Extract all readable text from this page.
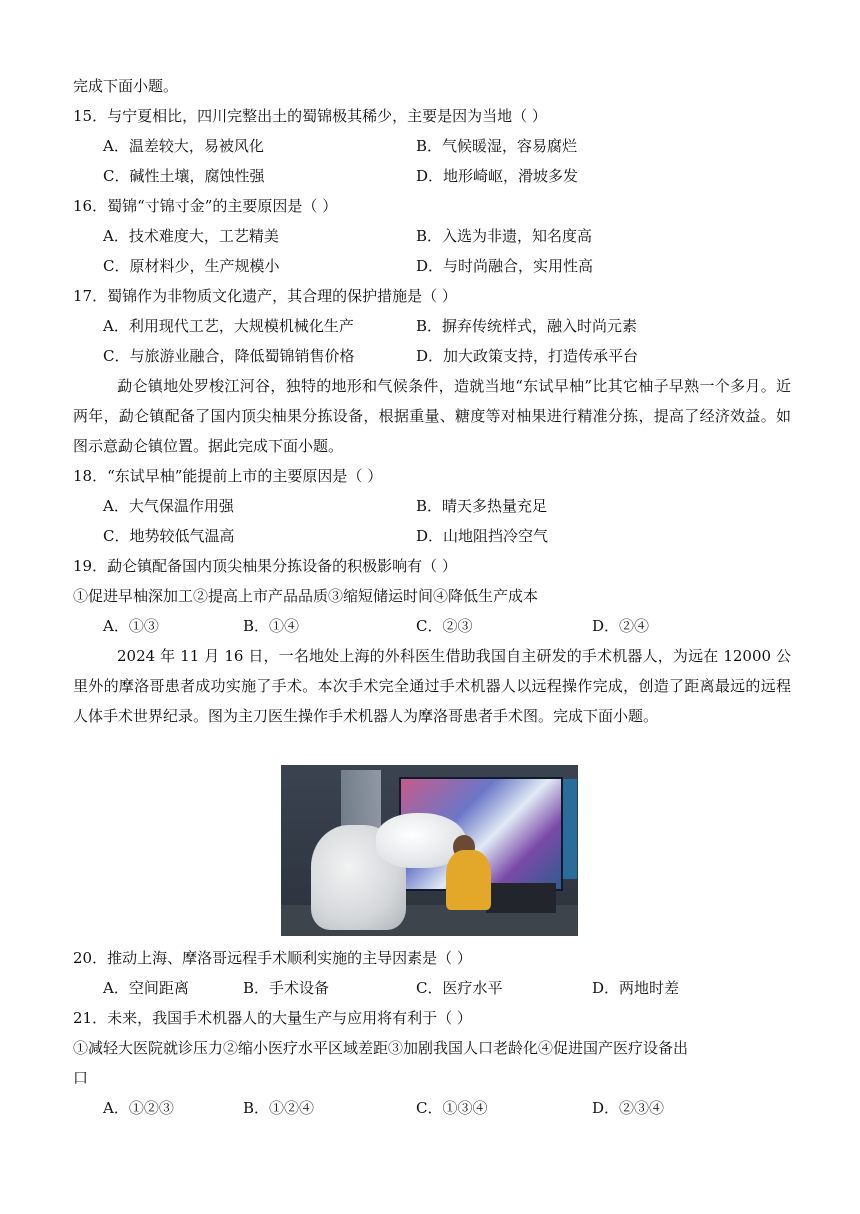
完成下面小题。
15．与宁夏相比，四川完整出土的蜀锦极其稀少，主要是因为当地（ ）
A．温差较大，易被风化	B．气候暖湿，容易腐烂
C．碱性土壤，腐蚀性强	D．地形崎岖，滑坡多发
16．蜀锦“寸锦寸金”的主要原因是（ ）
A．技术难度大，工艺精美	B．入选为非遗，知名度高
C．原材料少，生产规模小	D．与时尚融合，实用性高
17．蜀锦作为非物质文化遗产，其合理的保护措施是（ ）
A．利用现代工艺，大规模机械化生产	B．摒弃传统样式，融入时尚元素
C．与旅游业融合，降低蜀锦销售价格	D．加大政策支持，打造传承平台
勐仑镇地处罗梭江河谷，独特的地形和气候条件，造就当地“东试早柚”比其它柚子早熟一个多月。近两年，勐仑镇配备了国内顶尖柚果分拣设备，根据重量、糖度等对柚果进行精准分拣，提高了经济效益。如图示意勐仑镇位置。据此完成下面小题。
18．“东试早柚”能提前上市的主要原因是（ ）
A．大气保温作用强	B．晴天多热量充足
C．地势较低气温高	D．山地阻挡冷空气
19．勐仑镇配备国内顶尖柚果分拣设备的积极影响有（ ）
①促进早柚深加工②提高上市产品品质③缩短储运时间④降低生产成本
A．①③	B．①④	C．②③	D．②④
2024 年 11 月 16 日，一名地处上海的外科医生借助我国自主研发的手术机器人，为远在 12000 公里外的摩洛哥患者成功实施了手术。本次手术完全通过手术机器人以远程操作完成，创造了距离最远的远程人体手术世界纪录。图为主刀医生操作手术机器人为摩洛哥患者手术图。完成下面小题。
20．推动上海、摩洛哥远程手术顺利实施的主导因素是（ ）
A．空间距离	B．手术设备	C．医疗水平	D．两地时差
21．未来，我国手术机器人的大量生产与应用将有利于（ ）
①减轻大医院就诊压力②缩小医疗水平区域差距③加剧我国人口老龄化④促进国产医疗设备出
口
A．①②③	B．①②④	C．①③④	D．②③④
